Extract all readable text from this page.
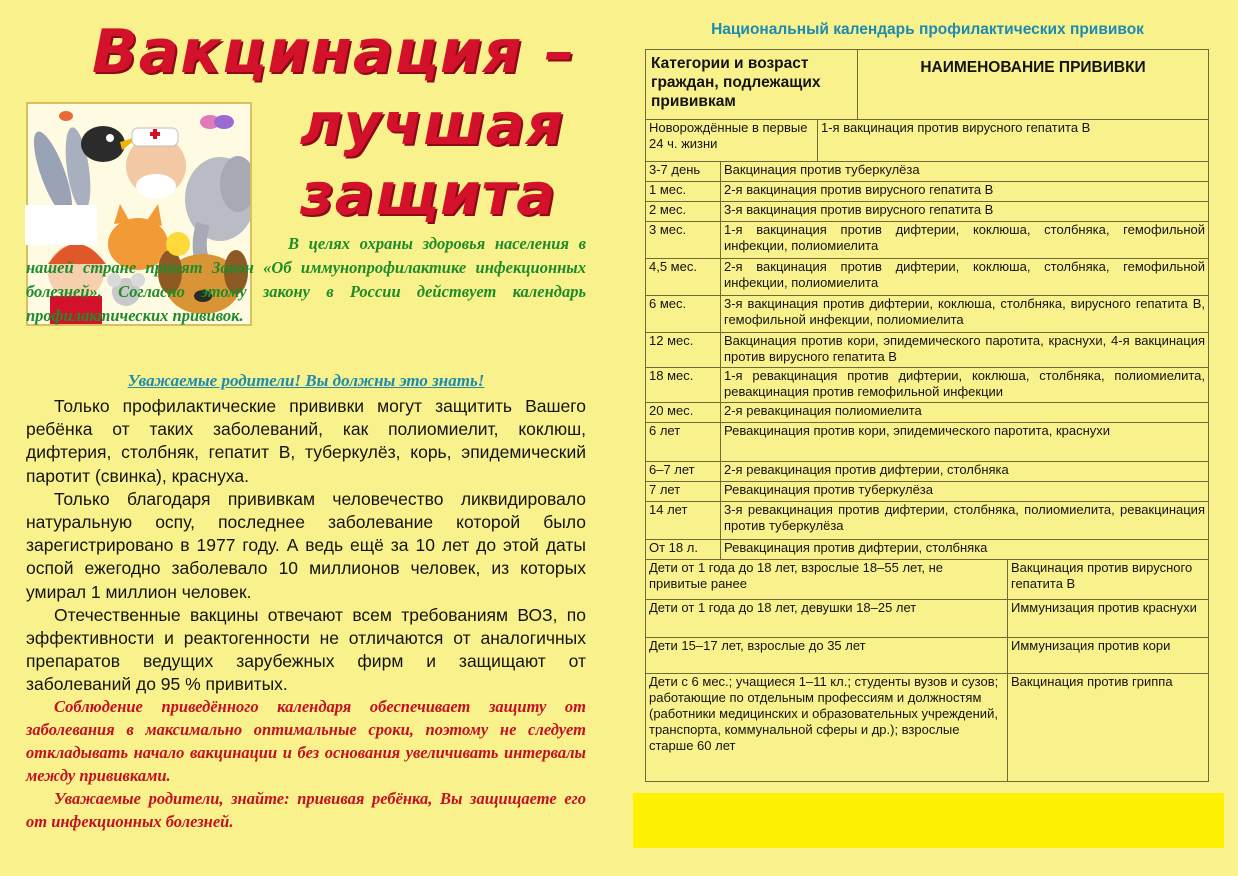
Вакцинация –
лучшая
защита
В целях охраны здоровья населения в нашей стране принят Закон «Об иммунопрофилактике инфекционных болезней». Согласно этому закону в России действует календарь профилактических прививок.
Уважаемые родители! Вы должны это знать!

Только профилактические прививки могут защитить Вашего ребёнка от таких заболеваний, как полиомиелит, коклюш, дифтерия, столбняк, гепатит В, туберкулёз, корь, эпидемический паротит (свинка), краснуха.

Только благодаря прививкам человечество ликвидировало натуральную оспу, последнее заболевание которой было зарегистрировано в 1977 году. А ведь ещё за 10 лет до этой даты оспой ежегодно заболевало 10 миллионов человек, из которых умирал 1 миллион человек.

Отечественные вакцины отвечают всем требованиям ВОЗ, по эффективности и реактогенности не отличаются от аналогичных препаратов ведущих зарубежных фирм и защищают от заболеваний до 95 % привитых.

Соблюдение приведённого календаря обеспечивает защиту от заболевания в максимально оптимальные сроки, поэтому не следует откладывать начало вакцинации и без основания увеличивать интервалы между прививками.

Уважаемые родители, знайте: прививая ребёнка, Вы защищаете его от инфекционных болезней.

Национальный календарь профилактических прививок
Категории и возраст граждан, подлежащих прививкам			НАИМЕНОВАНИЕ ПРИВИВКИ	
Новорождённые в первые 24 ч. жизни		1-я вакцинация против вирусного гепатита В		
3-7 день	Вакцинация против туберкулёза			
1 мес.	2-я вакцинация против вирусного гепатита В			
2 мес.	3-я вакцинация против вирусного гепатита В			
3 мес.	1-я вакцинация против дифтерии, коклюша, столбняка, гемофильной инфекции, полиомиелита			
4,5 мес.	2-я вакцинация против дифтерии, коклюша, столбняка, гемофильной инфекции, полиомиелита			
6 мес.	3-я вакцинация против дифтерии, коклюша, столбняка, вирусного гепатита В, гемофильной инфекции, полиомиелита			
12 мес.	Вакцинация против кори, эпидемического паротита, краснухи, 4-я вакцинация против вирусного гепатита В			
18 мес.	1-я ревакцинация против дифтерии, коклюша, столбняка, полиомиелита, ревакцинация против гемофильной инфекции			
20 мес.	2-я ревакцинация полиомиелита			
6 лет	Ревакцинация против кори, эпидемического паротита, краснухи			
6–7 лет	2-я ревакцинация против дифтерии, столбняка			
7 лет	Ревакцинация против туберкулёза			
14 лет	3-я ревакцинация против дифтерии, столбняка, полиомиелита, ревакцинация против туберкулёза			
От 18 л.	Ревакцинация против дифтерии, столбняка			
Дети от 1 года до 18 лет, взрослые 18–55 лет, не привитые ранее				Вакцинация против вирусного гепатита В
Дети от 1 года до 18 лет, девушки 18–25 лет				Иммунизация против краснухи
Дети 15–17 лет, взрослые до 35 лет				Иммунизация против кори
Дети с 6 мес.; учащиеся 1–11 кл.; студенты вузов и сузов; работающие по отдельным профессиям и должностям (работники медицинских и образовательных учреждений, транспорта, коммунальной сферы и др.); взрослые старше 60 лет				Вакцинация против гриппа
